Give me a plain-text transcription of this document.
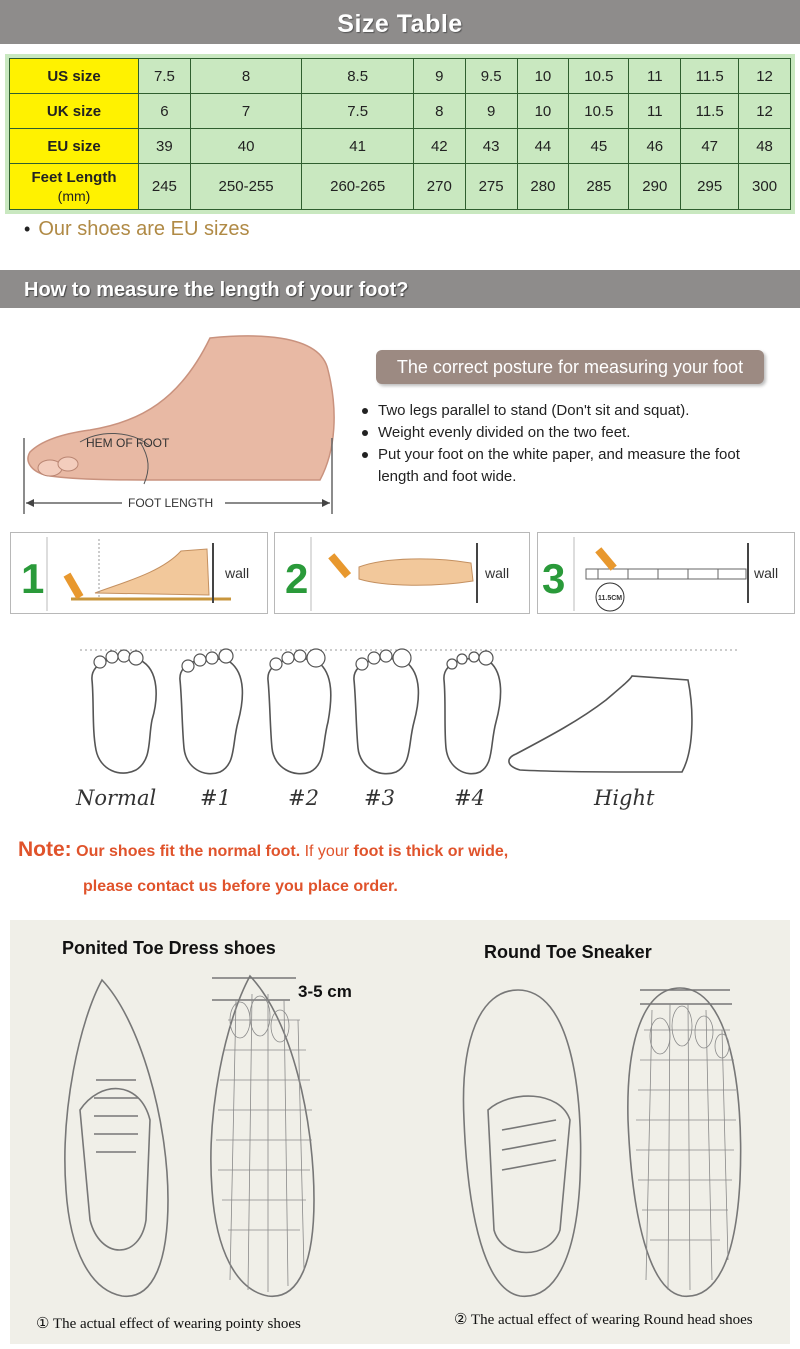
Size Table
US size	7.5	8	8.5	9	9.5	10	10.5	11	11.5	12
UK size	6	7	7.5	8	9	10	10.5	11	11.5	12
EU size	39	40	41	42	43	44	45	46	47	48
Feet Length
(mm)	245	250-255	260-265	270	275	280	285	290	295	300
• Our shoes are EU sizes
How to measure the length of your foot?
HEM OF FOOT
FOOT LENGTH
The correct posture for measuring your foot
Two legs parallel to stand (Don't sit and squat).
Weight evenly divided on the two feet.
Put your foot on the white paper, and measure the foot
length and foot wide.
1	wall 2	wall 3	11.5CM
wall
Normal #1	#2 #3	#4	Hight
Note: Our shoes fit the normal foot. If your foot is thick or wide,
please contact us before you place order.
Ponited Toe Dress shoes	Round Toe Sneaker
3-5 cm
① The actual effect of wearing pointy shoes	② The actual effect of wearing Round head shoes
